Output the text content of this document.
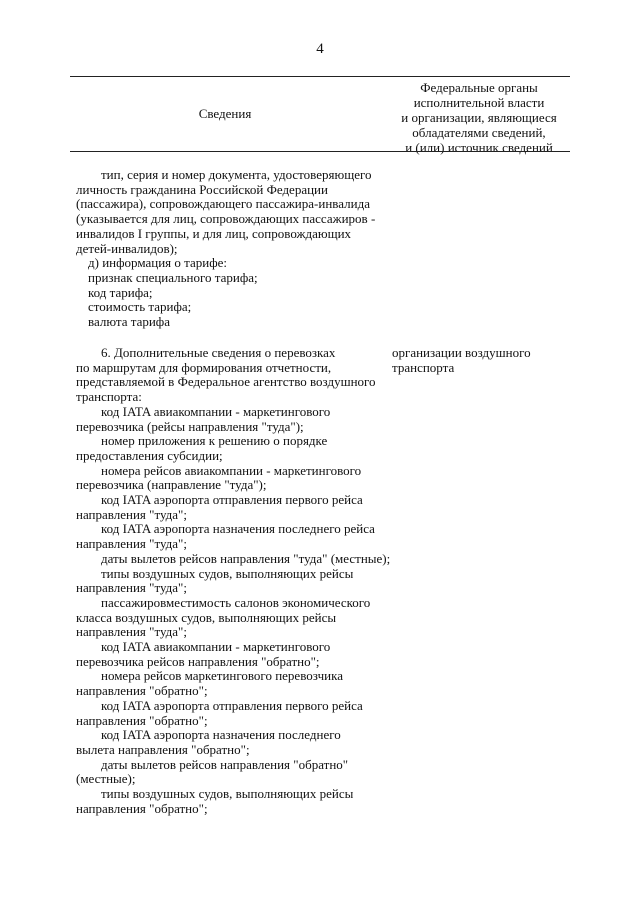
4
Сведения
Федеральные органы
исполнительной власти
и организации, являющиеся
обладателями сведений,
и (или) источник сведений
тип, серия и номер документа, удостоверяющего
личность гражданина Российской Федерации
(пассажира), сопровождающего пассажира-инвалида
(указывается для лиц, сопровождающих пассажиров -
инвалидов I группы, и для лиц, сопровождающих
детей-инвалидов);
д) информация о тарифе:
признак специального тарифа;
код тарифа;
стоимость тарифа;
валюта тарифа
6. Дополнительные сведения о перевозках
по маршрутам для формирования отчетности,
представляемой в Федеральное агентство воздушного
транспорта:
код IATA авиакомпании - маркетингового
перевозчика (рейсы направления "туда");
номер приложения к решению о порядке
предоставления субсидии;
номера рейсов авиакомпании - маркетингового
перевозчика (направление "туда");
код IATA аэропорта отправления первого рейса
направления "туда";
код IATA аэропорта назначения последнего рейса
направления "туда";
даты вылетов рейсов направления "туда" (местные);
типы воздушных судов, выполняющих рейсы
направления "туда";
пассажировместимость салонов экономического
класса воздушных судов, выполняющих рейсы
направления "туда";
код IATA авиакомпании - маркетингового
перевозчика рейсов направления "обратно";
номера рейсов маркетингового перевозчика
направления "обратно";
код IATA аэропорта отправления первого рейса
направления "обратно";
код IATA аэропорта назначения последнего
вылета направления "обратно";
даты вылетов рейсов направления "обратно"
(местные);
типы воздушных судов, выполняющих рейсы
направления "обратно";
организации воздушного
транспорта
